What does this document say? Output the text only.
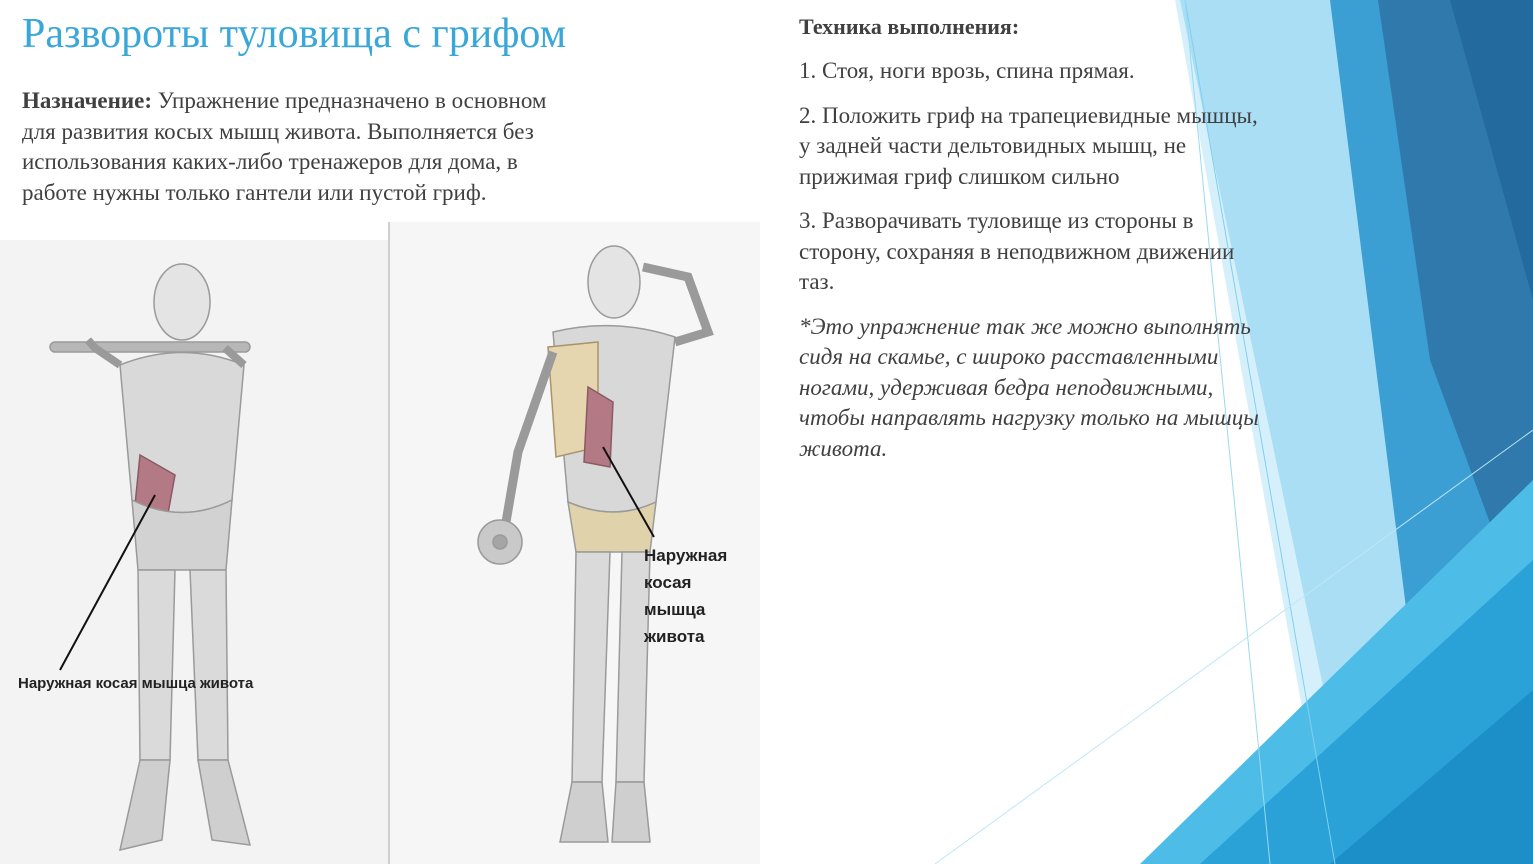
Развороты туловища с грифом

Назначение: Упражнение предназначено в основном для развития косых мышц живота. Выполняется без использования каких-либо тренажеров для дома, в работе нужны только гантели или пустой гриф.

Техника выполнения:

1. Стоя, ноги врозь, спина прямая.

2. Положить гриф на трапециевидные мышцы, у задней части дельтовидных мышц, не прижимая гриф слишком сильно

3. Разворачивать туловище из стороны в сторону, сохраняя в неподвижном движении таз.

*Это упражнение так же можно выполнять сидя на скамье, с широко расставленными ногами, удерживая бедра неподвижными, чтобы направлять нагрузку только на мышцы живота.

Наружная косая мышца живота
Наружная косая мышца живота
